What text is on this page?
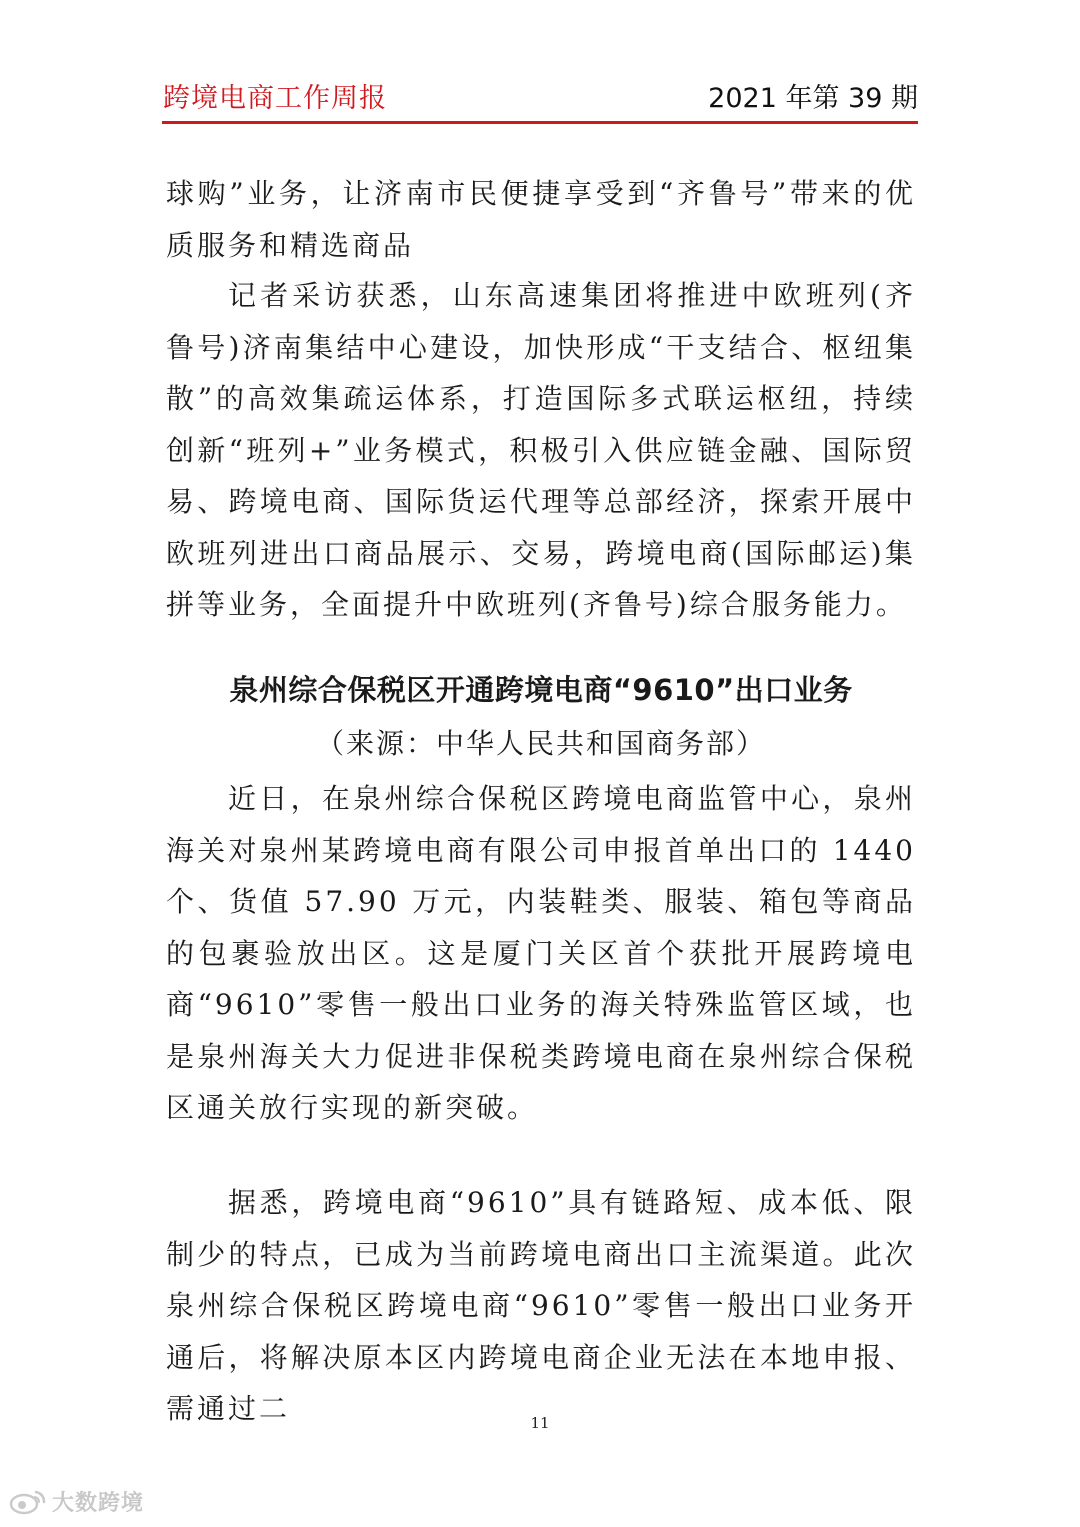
跨境电商工作周报	2021 年第 39 期

球购”业务，让济南市民便捷享受到“齐鲁号”带来的优质服务和精选商品

记者采访获悉，山东高速集团将推进中欧班列(齐鲁号)济南集结中心建设，加快形成“干支结合、枢纽集散”的高效集疏运体系，打造国际多式联运枢纽，持续创新“班列+”业务模式，积极引入供应链金融、国际贸易、跨境电商、国际货运代理等总部经济，探索开展中欧班列进出口商品展示、交易，跨境电商(国际邮运)集拼等业务，全面提升中欧班列(齐鲁号)综合服务能力。

泉州综合保税区开通跨境电商“9610”出口业务
（来源：中华人民共和国商务部）

近日，在泉州综合保税区跨境电商监管中心，泉州海关对泉州某跨境电商有限公司申报首单出口的 1440 个、货值 57.90 万元，内装鞋类、服装、箱包等商品的包裹验放出区。这是厦门关区首个获批开展跨境电商“9610”零售一般出口业务的海关特殊监管区域，也是泉州海关大力促进非保税类跨境电商在泉州综合保税区通关放行实现的新突破。

据悉，跨境电商“9610”具有链路短、成本低、限制少的特点，已成为当前跨境电商出口主流渠道。此次泉州综合保税区跨境电商“9610”零售一般出口业务开通后，将解决原本区内跨境电商企业无法在本地申报、需通过二	11
大数跨境
